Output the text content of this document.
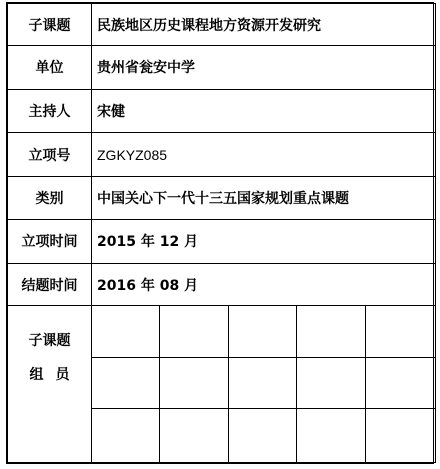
子课题	民族地区历史课程地方资源开发研究				
单位	贵州省瓮安中学				
主持人	宋健				
立项号	ZGKYZ085				
类别	中国关心下一代十三五国家规划重点课题				
立项时间	2015 年 12 月				
结题时间	2016 年 08 月				

子课题
组员					
